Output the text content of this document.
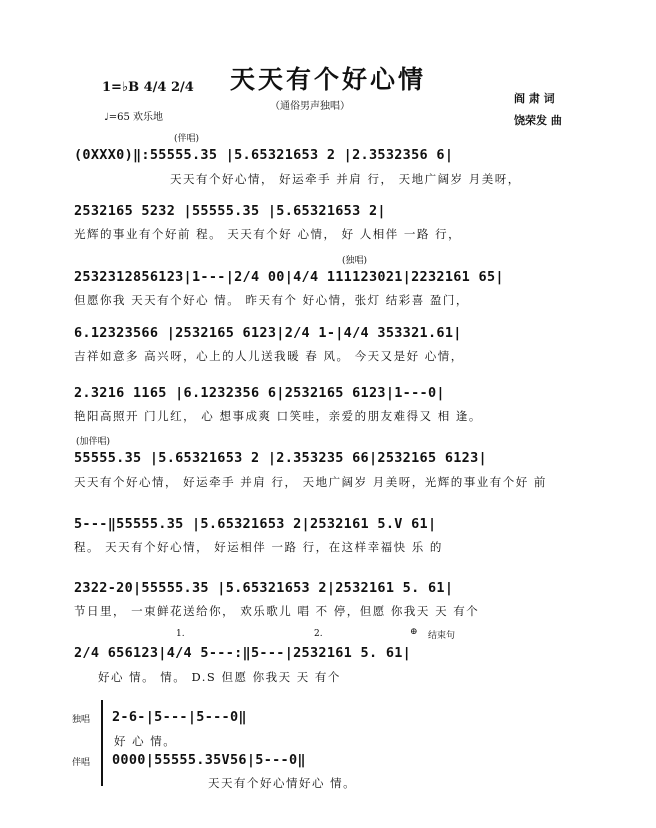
天天有个好心情
（通俗男声独唱）
1=♭B 4/4 2/4
♩=65 欢乐地
阎 肃 词
饶荣发 曲
(伴唱)
(独唱)
(加伴唱)
1.	2.	⊕ 结束句
(0XXX0)‖:55555.35 |5.65321653 2 |2.3532356 6|
天天有个好心情， 好运牵手 并肩 行， 天地广阔岁 月美呀，
2532165 5232 |55555.35 |5.65321653 2|
光辉的事业有个好前 程。 天天有个好 心情， 好 人相伴 一路 行，
2532312856123|1---|2/4 00|4/4 111123021|2232161 65|
但愿你我 天天有个好心 情。 昨天有个 好心情，张灯 结彩喜 盈门，
6.12323566 |2532165 6123|2/4 1-|4/4 353321.61|
吉祥如意多 高兴呀，心上的人儿送我暖 春 风。 今天又是好 心情，
2.3216 1165 |6.1232356 6|2532165 6123|1---0|
艳阳高照开 门儿红， 心 想事成爽 口笑哇，亲爱的朋友难得又 相 逢。
55555.35 |5.65321653 2 |2.353235 66|2532165 6123|
天天有个好心情， 好运牵手 并肩 行， 天地广阔岁 月美呀，光辉的事业有个好 前
5---‖55555.35 |5.65321653 2|2532161 5.V 61|
程。 天天有个好心情， 好运相伴 一路 行，在这样幸福快 乐 的
2322-20|55555.35 |5.65321653 2|2532161 5. 61|
节日里， 一束鲜花送给你， 欢乐歌儿 唱 不 停，但愿 你我天 天 有个
2/4 656123|4/4 5---:‖5---|2532161 5. 61|
好心 情。 情。 D.S 但愿 你我天 天 有个
独唱
伴唱
2-6-|5---|5---0‖
好 心 情。
0000|55555.35V56|5---0‖
天天有个好心情好心 情。
